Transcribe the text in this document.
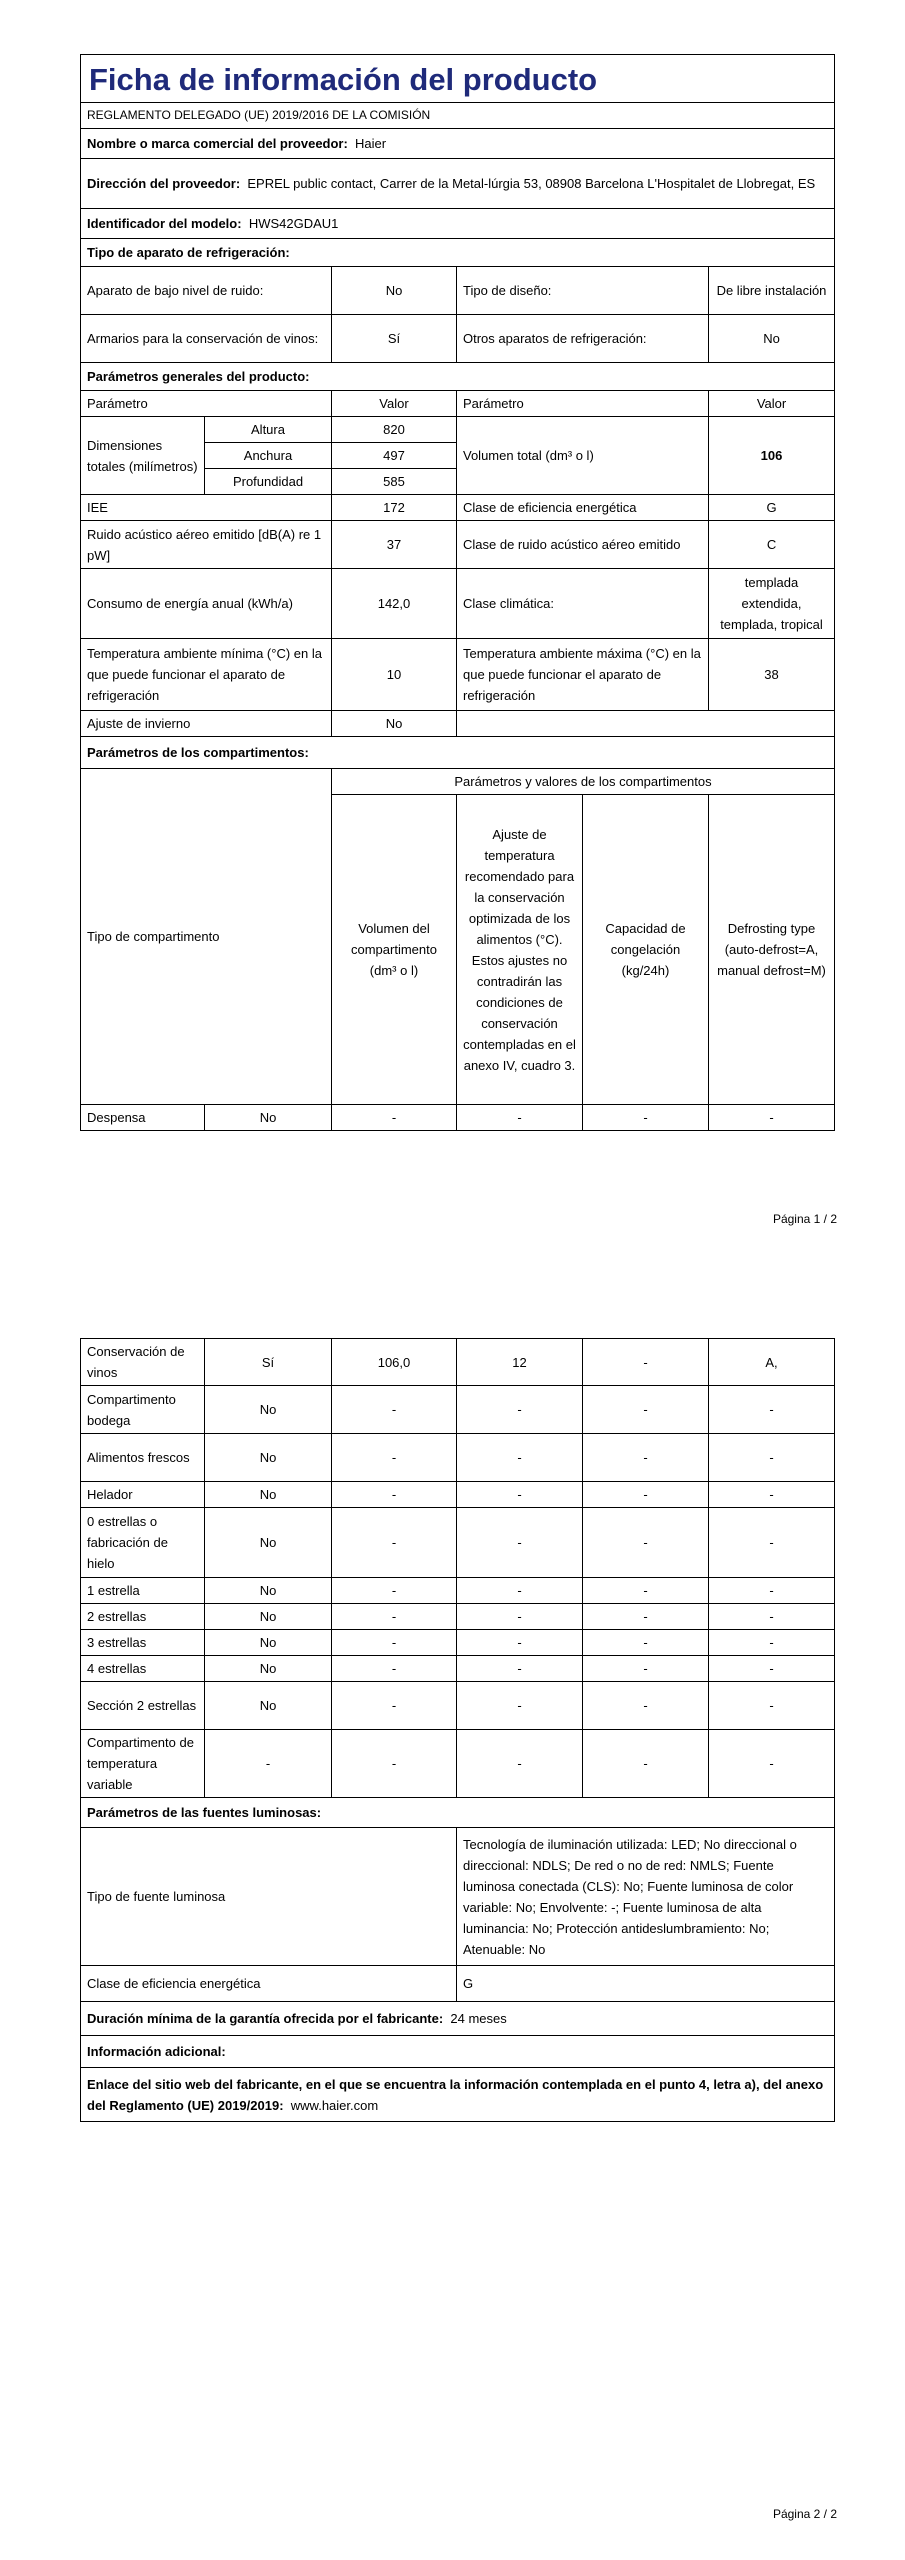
Ficha de información del producto					
REGLAMENTO DELEGADO (UE) 2019/2016 DE LA COMISIÓN					
Nombre o marca comercial del proveedor: Haier					
Dirección del proveedor: EPREL public contact, Carrer de la Metal-lúrgia 53, 08908 Barcelona L'Hospitalet de Llobregat, ES					
Identificador del modelo: HWS42GDAU1					
Tipo de aparato de refrigeración:					
Aparato de bajo nivel de ruido:		No	Tipo de diseño:		De libre instalación
Armarios para la conservación de vinos:		Sí	Otros aparatos de refrigeración:		No
Parámetros generales del producto:					
Parámetro		Valor	Parámetro		Valor
Dimensiones totales (milímetros)	Altura	820	Volumen total (dm³ o l)		106
	Anchura	497			
	Profundidad	585			
IEE		172	Clase de eficiencia energética		G
Ruido acústico aéreo emitido [dB(A) re 1 pW]		37	Clase de ruido acústico aéreo emitido		C
Consumo de energía anual (kWh/a)		142,0	Clase climática:		templada extendida, templada, tropical
Temperatura ambiente mínima (°C) en la que puede funcionar el aparato de refrigeración		10	Temperatura ambiente máxima (°C) en la que puede funcionar el aparato de refrigeración		38
Ajuste de invierno		No			
Parámetros de los compartimentos:					
Tipo de compartimento		Parámetros y valores de los compartimentos			
		Volumen del compartimento (dm³ o l)	Ajuste de temperatura recomendado para la conservación optimizada de los alimentos (°C). Estos ajustes no contradirán las condiciones de conservación contempladas en el anexo IV, cuadro 3.	Capacidad de congelación (kg/24h)	Defrosting type (auto-defrost=A, manual defrost=M)
Despensa	No	-	-	-	-
Página 1 / 2
Conservación de vinos	Sí	106,0	12	-	A,
Compartimento bodega	No	-	-	-	-
Alimentos frescos	No	-	-	-	-
Helador	No	-	-	-	-
0 estrellas o fabricación de hielo	No	-	-	-	-
1 estrella	No	-	-	-	-
2 estrellas	No	-	-	-	-
3 estrellas	No	-	-	-	-
4 estrellas	No	-	-	-	-
Sección 2 estrellas	No	-	-	-	-
Compartimento de temperatura variable	-	-	-	-	-
Parámetros de las fuentes luminosas:					
Tipo de fuente luminosa			Tecnología de iluminación utilizada: LED; No direccional o direccional: NDLS; De red o no de red: NMLS; Fuente luminosa conectada (CLS): No; Fuente luminosa de color variable: No; Envolvente: -; Fuente luminosa de alta luminancia: No; Protección antideslumbramiento: No; Atenuable: No		
Clase de eficiencia energética			G		
Duración mínima de la garantía ofrecida por el fabricante: 24 meses					
Información adicional:					
Enlace del sitio web del fabricante, en el que se encuentra la información contemplada en el punto 4, letra a), del anexo del Reglamento (UE) 2019/2019: www.haier.com					
Página 2 / 2
